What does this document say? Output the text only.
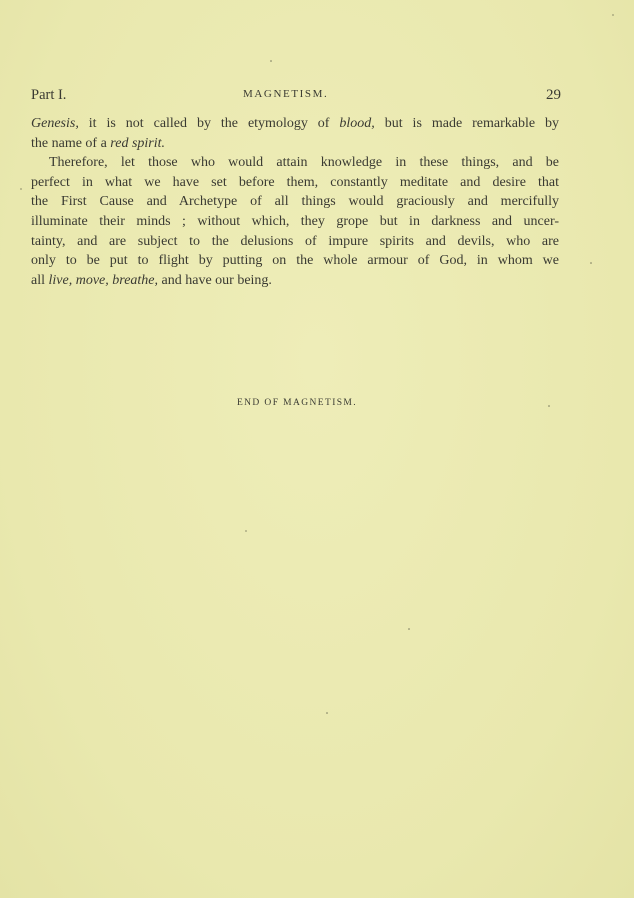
Part I.	MAGNETISM.	29

Genesis, it is not called by the etymology of blood, but is made remarkable by
the name of a red spirit.

Therefore, let those who would attain knowledge in these things, and be
perfect in what we have set before them, constantly meditate and desire that
the First Cause and Archetype of all things would graciously and mercifully
illuminate their minds ; without which, they grope but in darkness and uncer-
tainty, and are subject to the delusions of impure spirits and devils, who are
only to be put to flight by putting on the whole armour of God, in whom we
all live, move, breathe, and have our being.

END OF MAGNETISM.
